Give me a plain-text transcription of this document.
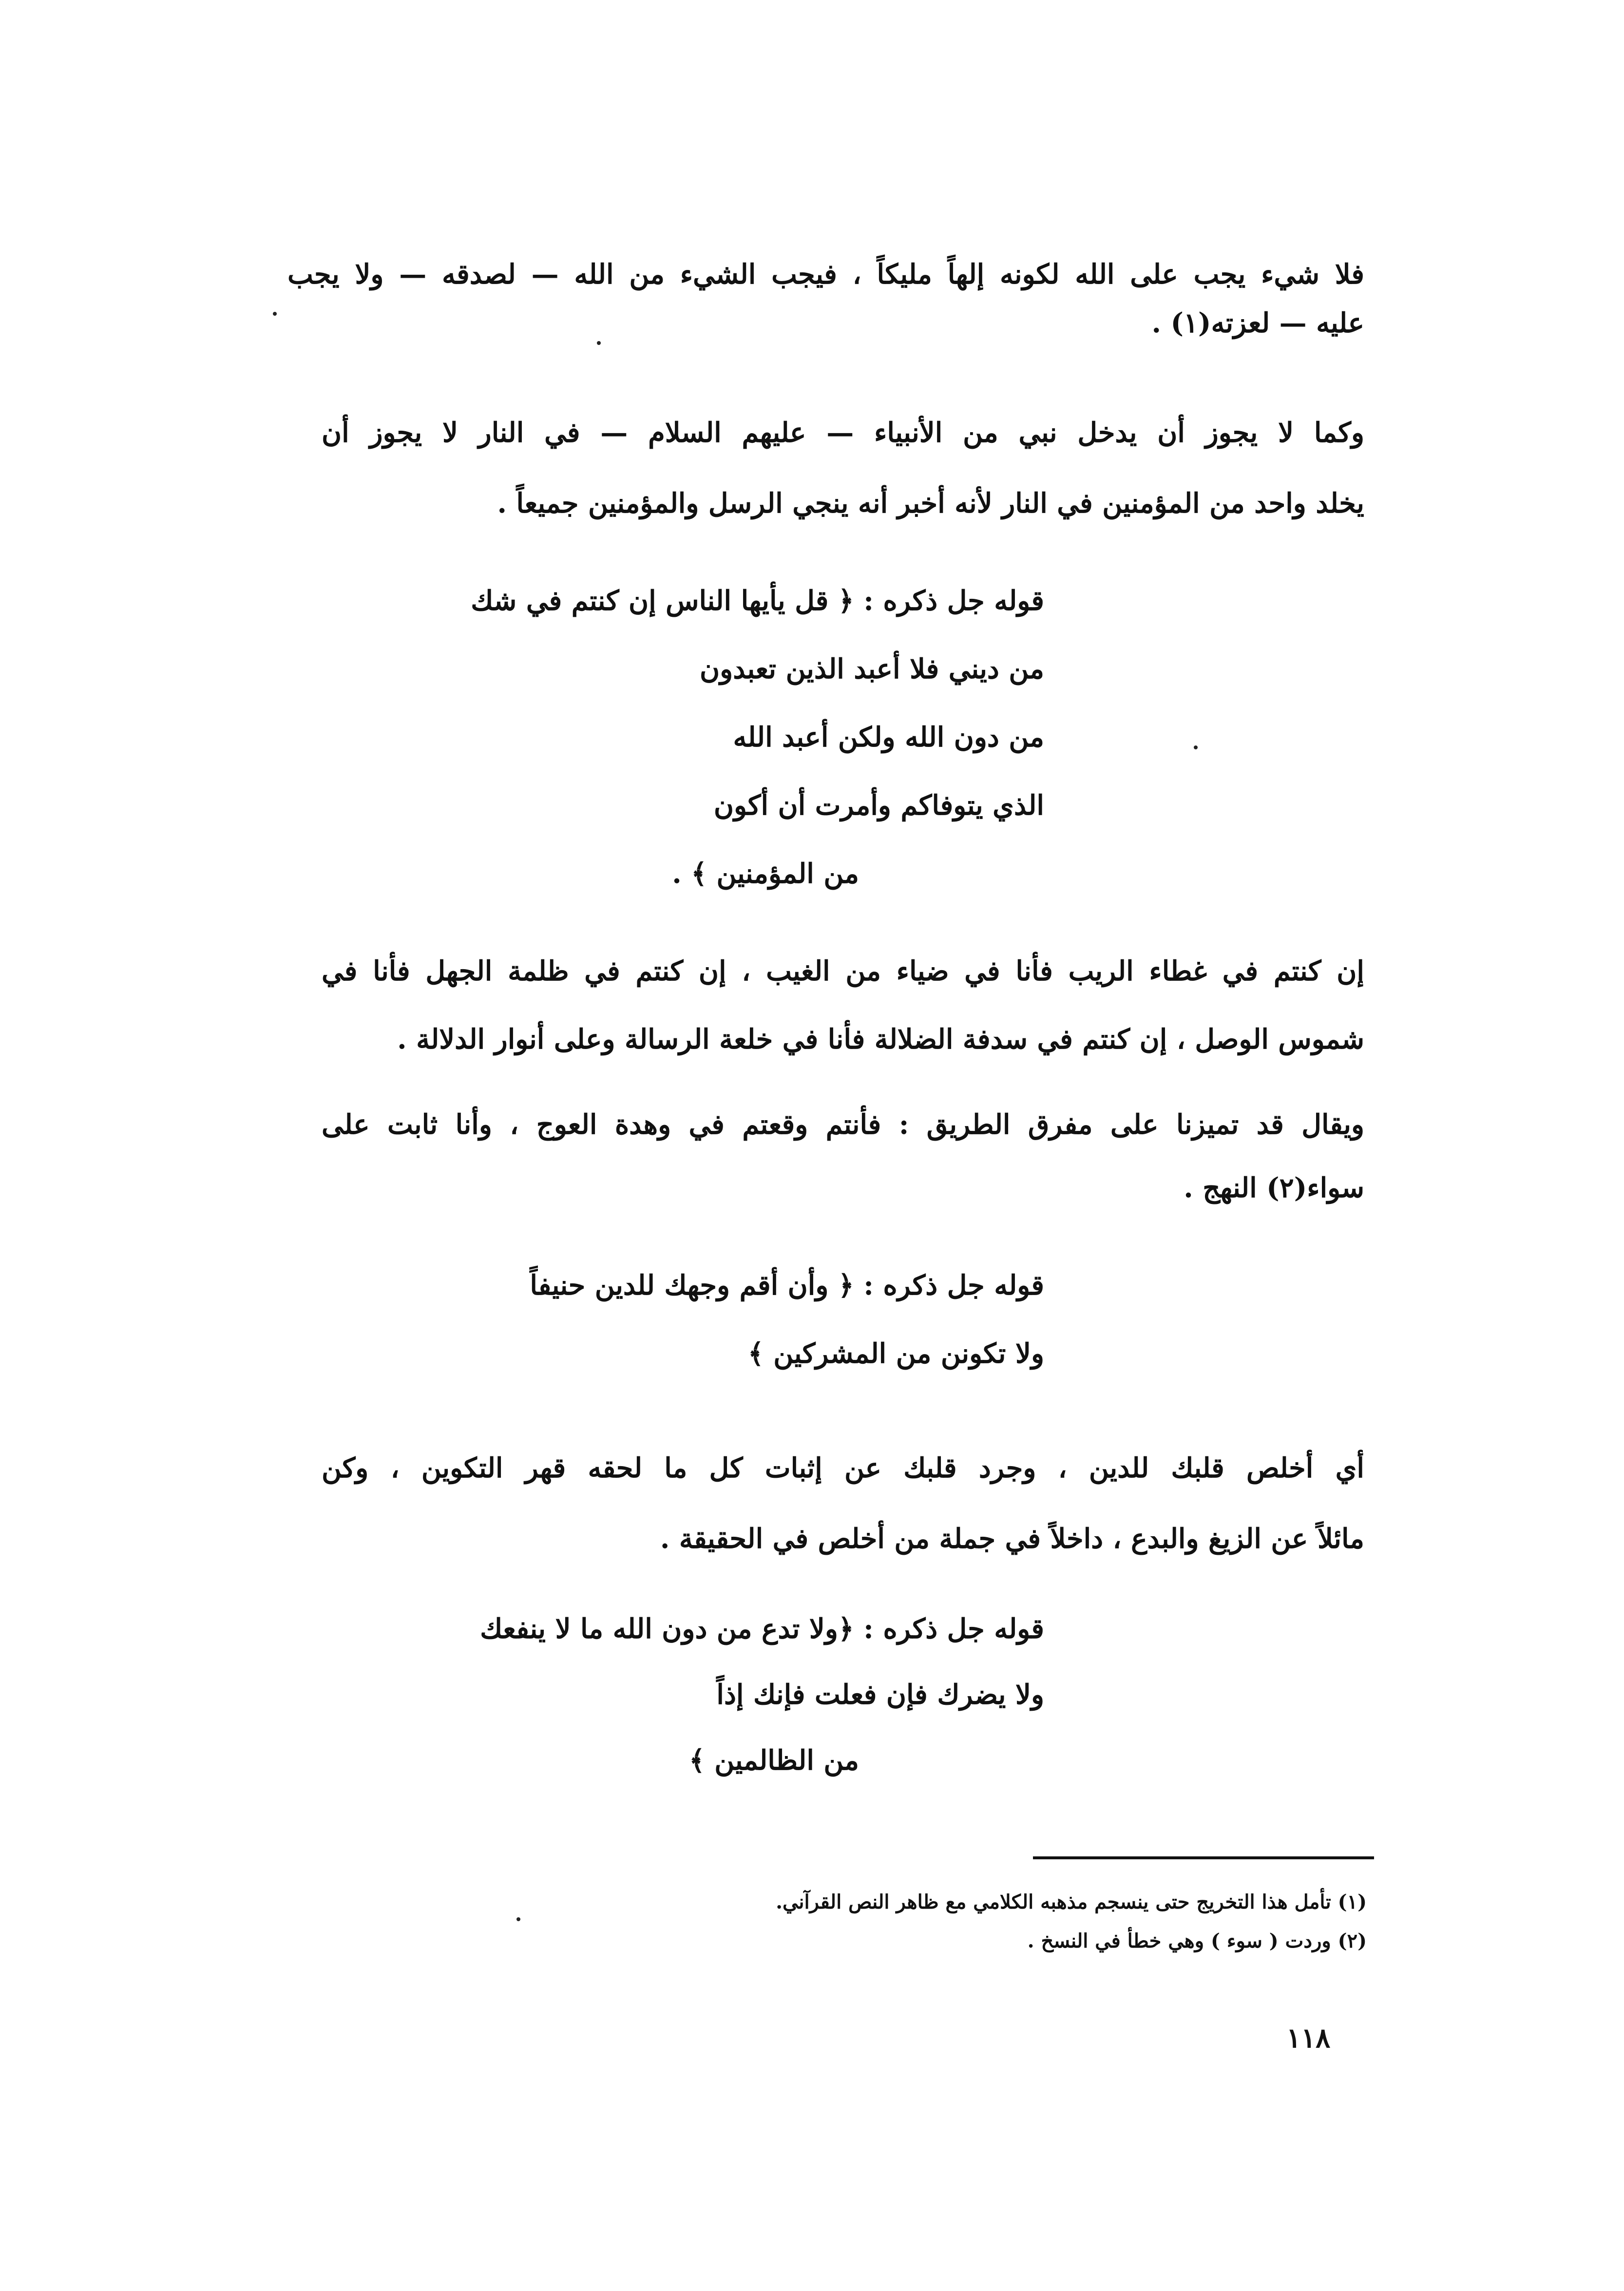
فلا شيء يجب على الله لكونه إلهاً مليكاً ، فيجب الشيء من الله — لصدقه — ولا يجب
عليه — لعزته(١) .
وكما لا يجوز أن يدخل نبي من الأنبياء — عليهم السلام — في النار لا يجوز أن
يخلد واحد من المؤمنين في النار لأنه أخبر أنه ينجي الرسل والمؤمنين جميعاً .
قوله جل ذكره : ﴿ قل يأيها الناس إن كنتم في شك
من ديني فلا أعبد الذين تعبدون
من دون الله ولكن أعبد الله
الذي يتوفاكم وأمرت أن أكون
من المؤمنين ﴾ .
إن كنتم في غطاء الريب فأنا في ضياء من الغيب ، إن كنتم في ظلمة الجهل فأنا في
شموس الوصل ، إن كنتم في سدفة الضلالة فأنا في خلعة الرسالة وعلى أنوار الدلالة .
ويقال قد تميزنا على مفرق الطريق : فأنتم وقعتم في وهدة العوج ، وأنا ثابت على
سواء(٢) النهج .
قوله جل ذكره : ﴿ وأن أقم وجهك للدين حنيفاً
ولا تكونن من المشركين ﴾
أي أخلص قلبك للدين ، وجرد قلبك عن إثبات كل ما لحقه قهر التكوين ، وكن
مائلاً عن الزيغ والبدع ، داخلاً في جملة من أخلص في الحقيقة .
قوله جل ذكره : ﴿ولا تدع من دون الله ما لا ينفعك
ولا يضرك فإن فعلت فإنك إذاً
من الظالمين ﴾
(١) تأمل هذا التخريج حتى ينسجم مذهبه الكلامي مع ظاهر النص القرآني.
(٢) وردت ( سوء ) وهي خطأ في النسخ .
١١٨
